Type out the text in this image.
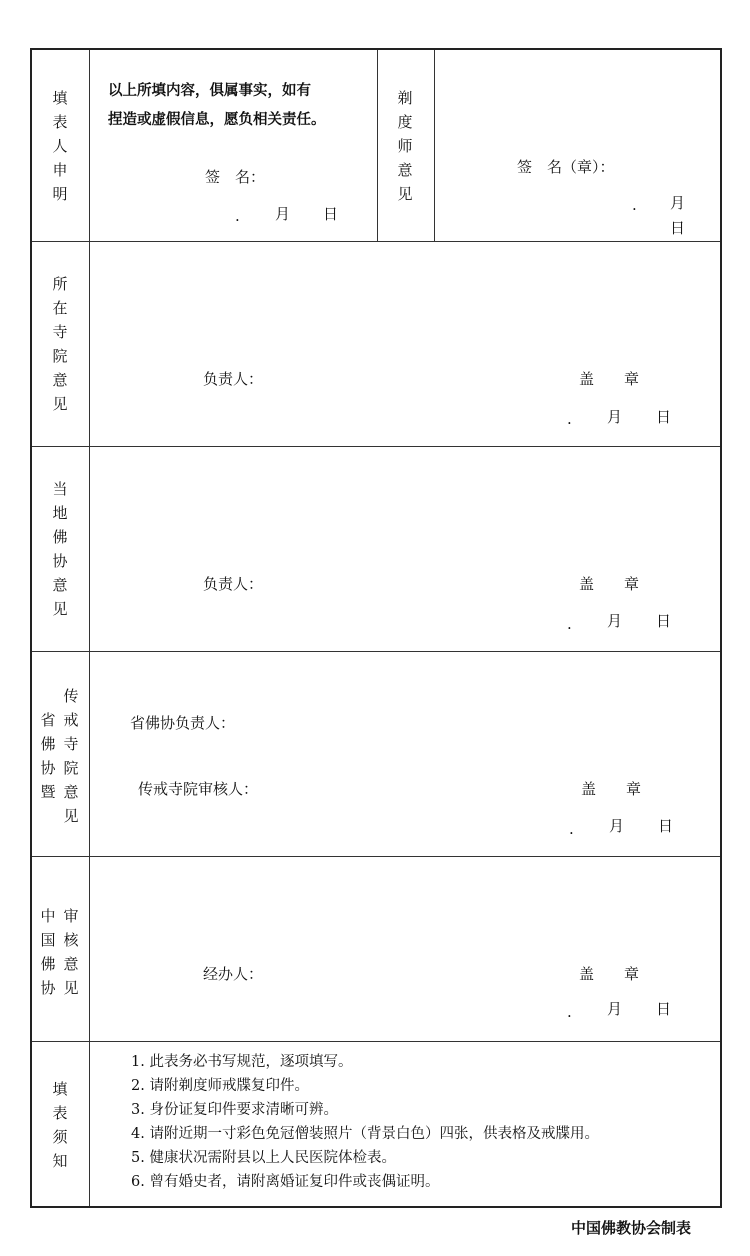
填表人申明
以上所填内容，俱属事实，如有
捏造或虚假信息，愿负相关责任。
签　名：
. 月 日
剃度师意见
签　名（章）：
. 月
日
所在寺院意见
负责人：	盖　　章
. 月 日
当地佛协意见
负责人：	盖　　章
. 月 日
省佛协暨
传戒寺院意见
省佛协负责人：
传戒寺院审核人：	盖　　章
. 月 日
中国佛协
审核意见
经办人：	盖　　章
. 月 日
填表须知
1. 此表务必书写规范，逐项填写。
2. 请附剃度师戒牒复印件。
3. 身份证复印件要求清晰可辨。
4. 请附近期一寸彩色免冠僧装照片（背景白色）四张，供表格及戒牒用。
5. 健康状况需附县以上人民医院体检表。
6. 曾有婚史者，请附离婚证复印件或丧偶证明。
中国佛教协会制表
